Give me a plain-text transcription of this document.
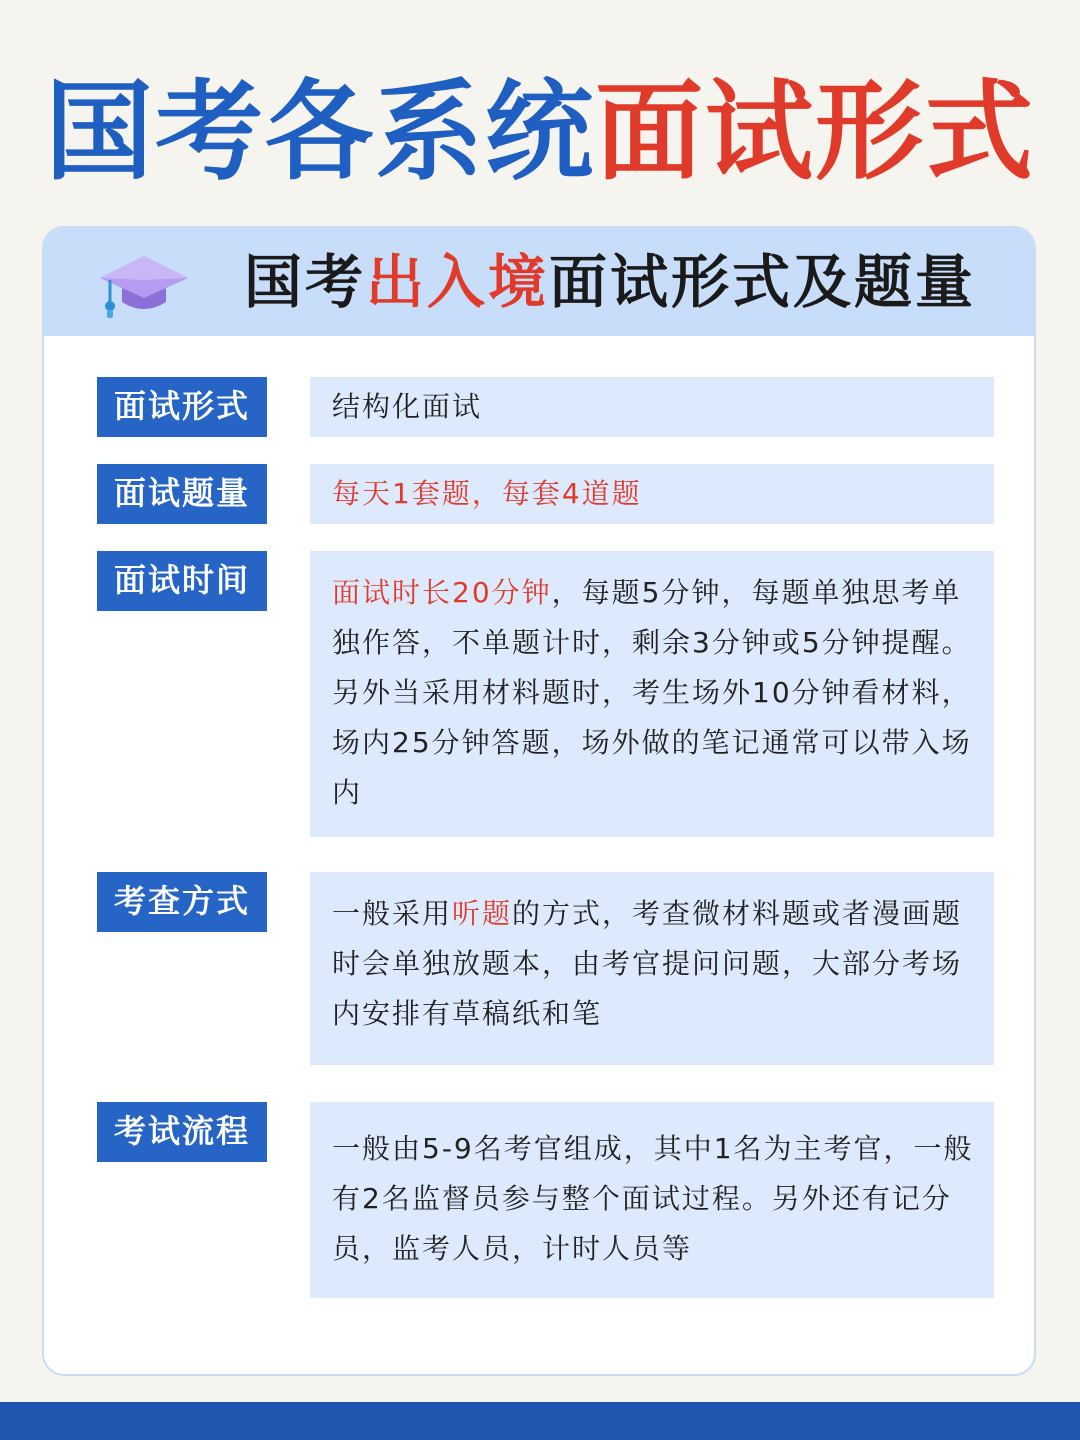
国考各系统面试形式
国考出入境面试形式及题量
面试形式	结构化面试
面试题量	每天1套题，每套4道题
面试时间	面试时长20分钟，每题5分钟，每题单独思考单独作答，不单题计时，剩余3分钟或5分钟提醒。另外当采用材料题时，考生场外10分钟看材料，场内25分钟答题，场外做的笔记通常可以带入场内
考查方式	一般采用听题的方式，考查微材料题或者漫画题时会单独放题本，由考官提问问题，大部分考场内安排有草稿纸和笔
考试流程	一般由5-9名考官组成，其中1名为主考官，一般有2名监督员参与整个面试过程。另外还有记分员，监考人员，计时人员等
